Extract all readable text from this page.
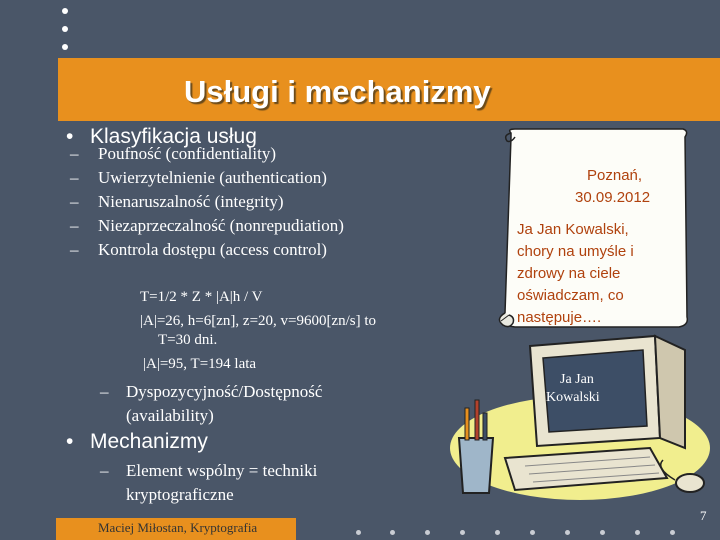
Usługi i mechanizmy
• Klasyfikacja usług
– Poufność (confidentiality)
– Uwierzytelnienie (authentication)
– Nienaruszalność (integrity)
– Niezaprzeczalność (nonrepudiation)
– Kontrola dostępu (access control)
T=1/2 * Z * |A|h / V
|A|=26, h=6[zn], z=20, v=9600[zn/s] to
T=30 dni.
|A|=95, T=194 lata
–	Dyspozycyjność/Dostępność
(availability)
• Mechanizmy
–	Element wspólny = techniki
kryptograficzne
Poznań,
30.09.2012
Ja Jan Kowalski,
chory na umyśle i
zdrowy na ciele
oświadczam, co
następuje….
Ja Jan
Kowalski
Maciej Miłostan, Kryptografia
7
